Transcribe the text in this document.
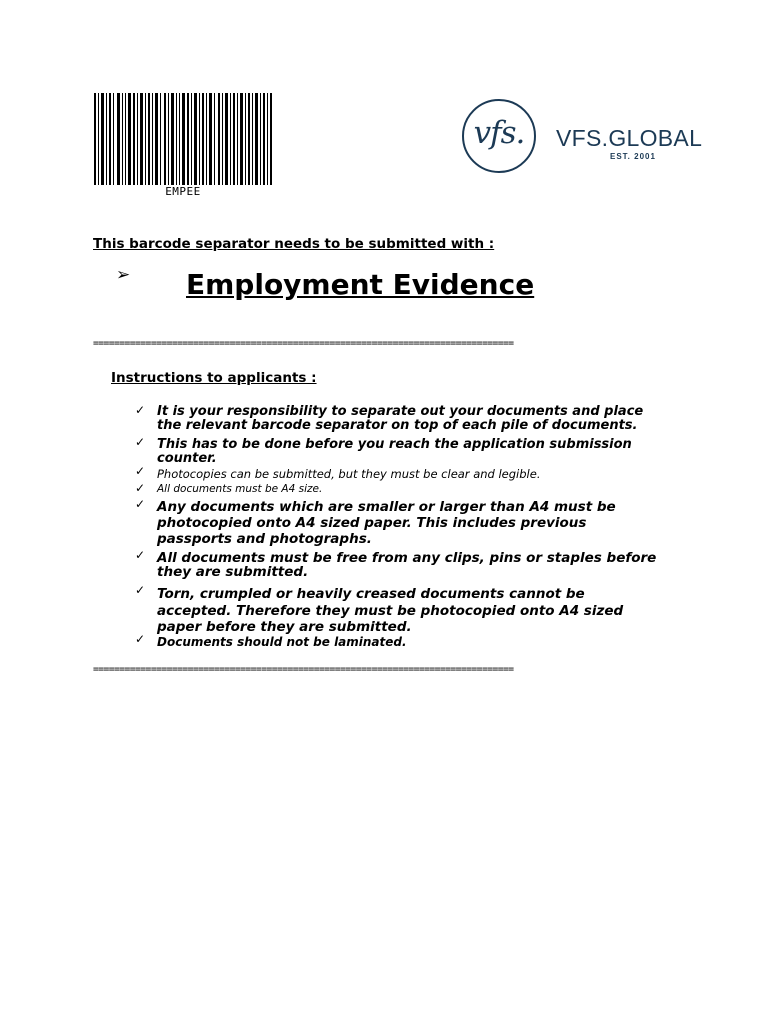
EMPEE
vfs.	VFS.GLOBAL
EST. 2001
This barcode separator needs to be submitted with :
➢ Employment Evidence
================================================================================
Instructions to applicants :
✓ It is your responsibility to separate out your documents and place the relevant barcode separator on top of each pile of documents.
✓ This has to be done before you reach the application submission counter.
✓ Photocopies can be submitted, but they must be clear and legible.
✓ All documents must be A4 size.
✓ Any documents which are smaller or larger than A4 must be photocopied onto A4 sized paper. This includes previous passports and photographs.
✓ All documents must be free from any clips, pins or staples before they are submitted.
✓ Torn, crumpled or heavily creased documents cannot be accepted. Therefore they must be photocopied onto A4 sized paper before they are submitted.
✓ Documents should not be laminated.
================================================================================
